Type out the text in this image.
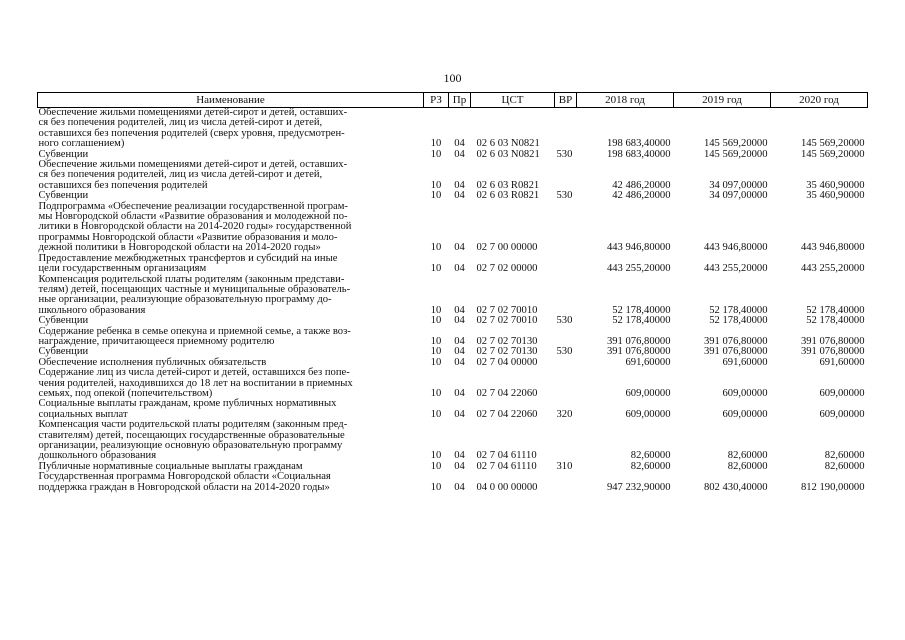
100
Наименование	РЗ	Пр	ЦСТ	ВР	2018 год	2019 год	2020 год

Обеспечение жильми помещениями детей-сирот и детей, оставших-
ся без попечения родителей, лиц из числа детей-сирот и детей,
оставшихся без попечения родителей (сверх уровня, предусмотрен-
ного соглашением)	10	04	02 6 03 N0821		198 683,40000	145 569,20000	145 569,20000

Субвенции	10	04	02 6 03 N0821	530	198 683,40000	145 569,20000	145 569,20000

Обеспечение жильми помещениями детей-сирот и детей, оставших-
ся без попечения родителей, лиц из числа детей-сирот и детей,
оставшихся без попечения родителей	10	04	02 6 03 R0821		42 486,20000	34 097,00000	35 460,90000

Субвенции	10	04	02 6 03 R0821	530	42 486,20000	34 097,00000	35 460,90000

Подпрограмма «Обеспечение реализации государственной програм-
мы Новгородской области «Развитие образования и молодежной по-
литики в Новгородской области на 2014-2020 годы» государственной
программы Новгородской области «Развитие образования и моло-
дежной политики в Новгородской области на 2014-2020 годы»	10	04	02 7 00 00000		443 946,80000	443 946,80000	443 946,80000

Предоставление межбюджетных трансфертов и субсидий на иные
цели государственным организациям	10	04	02 7 02 00000		443 255,20000	443 255,20000	443 255,20000

Компенсация родительской платы родителям (законным представи-
телям) детей, посещающих частные и муниципальные образователь-
ные организации, реализующие образовательную программу до-
школьного образования	10	04	02 7 02 70010		52 178,40000	52 178,40000	52 178,40000

Субвенции	10	04	02 7 02 70010	530	52 178,40000	52 178,40000	52 178,40000

Содержание ребенка в семье опекуна и приемной семье, а также воз-
награждение, причитающееся приемному родителю	10	04	02 7 02 70130		391 076,80000	391 076,80000	391 076,80000

Субвенции	10	04	02 7 02 70130	530	391 076,80000	391 076,80000	391 076,80000

Обеспечение исполнения публичных обязательств	10	04	02 7 04 00000		691,60000	691,60000	691,60000

Содержание лиц из числа детей-сирот и детей, оставшихся без попе-
чения родителей, находившихся до 18 лет на воспитании в приемных
семьях, под опекой (попечительством)	10	04	02 7 04 22060		609,00000	609,00000	609,00000

Социальные выплаты гражданам, кроме публичных нормативных
социальных выплат	10	04	02 7 04 22060	320	609,00000	609,00000	609,00000

Компенсация части родительской платы родителям (законным пред-
ставителям) детей, посещающих государственные образовательные
организации, реализующие основную образовательную программу
дошкольного образования	10	04	02 7 04 61110		82,60000	82,60000	82,60000

Публичные нормативные социальные выплаты гражданам	10	04	02 7 04 61110	310	82,60000	82,60000	82,60000

Государственная программа Новгородской области «Социальная
поддержка граждан в Новгородской области на 2014-2020 годы»	10	04	04 0 00 00000		947 232,90000	802 430,40000	812 190,00000
